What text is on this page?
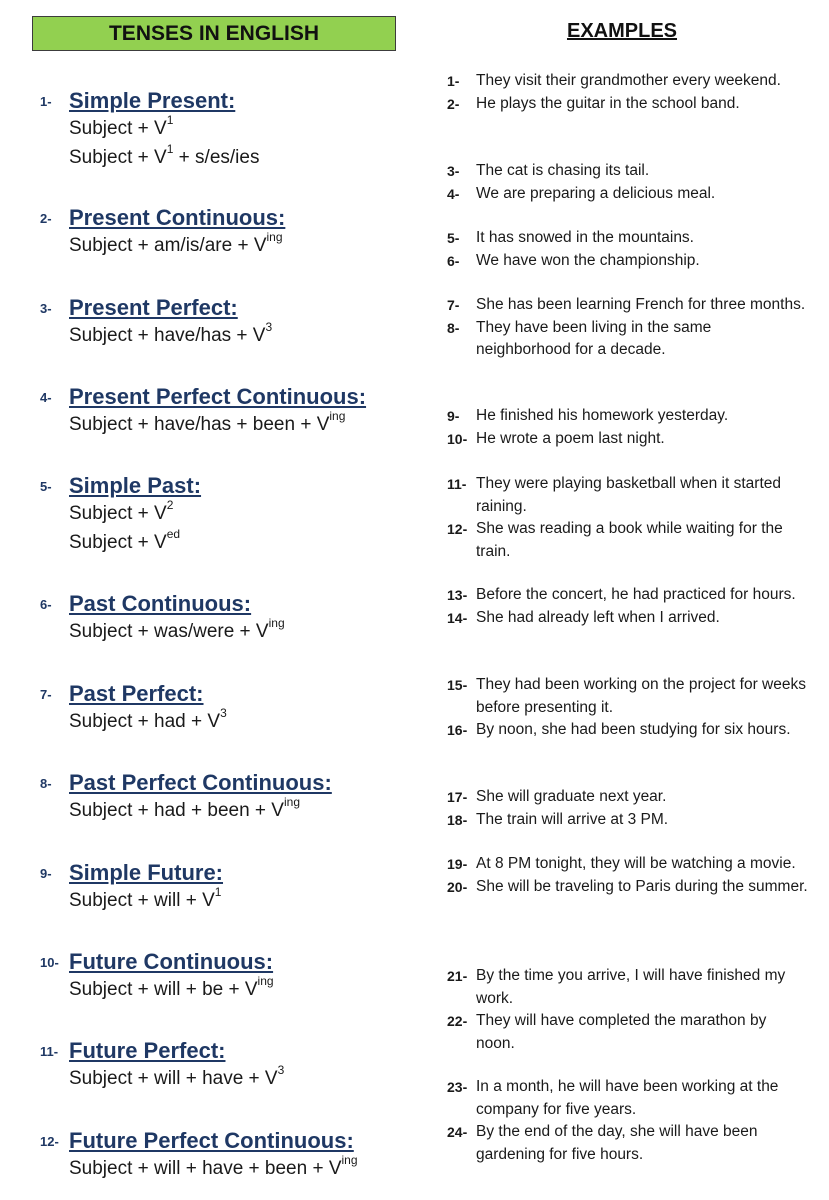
TENSES IN ENGLISH	EXAMPLES
1- Simple Present:
Subject + $V^1$
Subject + $V^1 + s/es/ies$
2- Present Continuous:
Subject + $am/is/are + V^{ing}$
3- Present Perfect:
Subject + have/has + $V^3$
4- Present Perfect Continuous:
Subject + have/has + been + $V^{ing}$
5- Simple Past:
Subject + $V^2$
Subject + $V^{ed}$
6- Past Continuous:
Subject + was/were + $V^{ing}$
7- Past Perfect:
Subject + had + $V^3$
8- Past Perfect Continuous:
Subject + had + been + $V^{ing}$
9- Simple Future:
Subject + will + $V^1$
10- Future Continuous:
Subject + will + be + $V^{ing}$
11- Future Perfect:
Subject + will + have + $V^3$
12- Future Perfect Continuous:
Subject + will + have + been + $V^{ing}$
1-	They visit their grandmother every weekend.
2-	He plays the guitar in the school band.
3-	The cat is chasing its tail.
4-	We are preparing a delicious meal.
5-	It has snowed in the mountains.
6-	We have won the championship.
7-	She has been learning French for three months.
8-	They have been living in the same neighborhood for a decade.
9-	He finished his homework yesterday.
10- He wrote a poem last night.
11- They were playing basketball when it started raining.
12- She was reading a book while waiting for the train.
13- Before the concert, he had practiced for hours.
14- She had already left when I arrived.
15- They had been working on the project for weeks before presenting it.
16- By noon, she had been studying for six hours.
17- She will graduate next year.
18- The train will arrive at 3 PM.
19- At 8 PM tonight, they will be watching a movie.
20- She will be traveling to Paris during the summer.
21- By the time you arrive, I will have finished my work.
22- They will have completed the marathon by noon.
23- In a month, he will have been working at the company for five years.
24- By the end of the day, she will have been gardening for five hours.
